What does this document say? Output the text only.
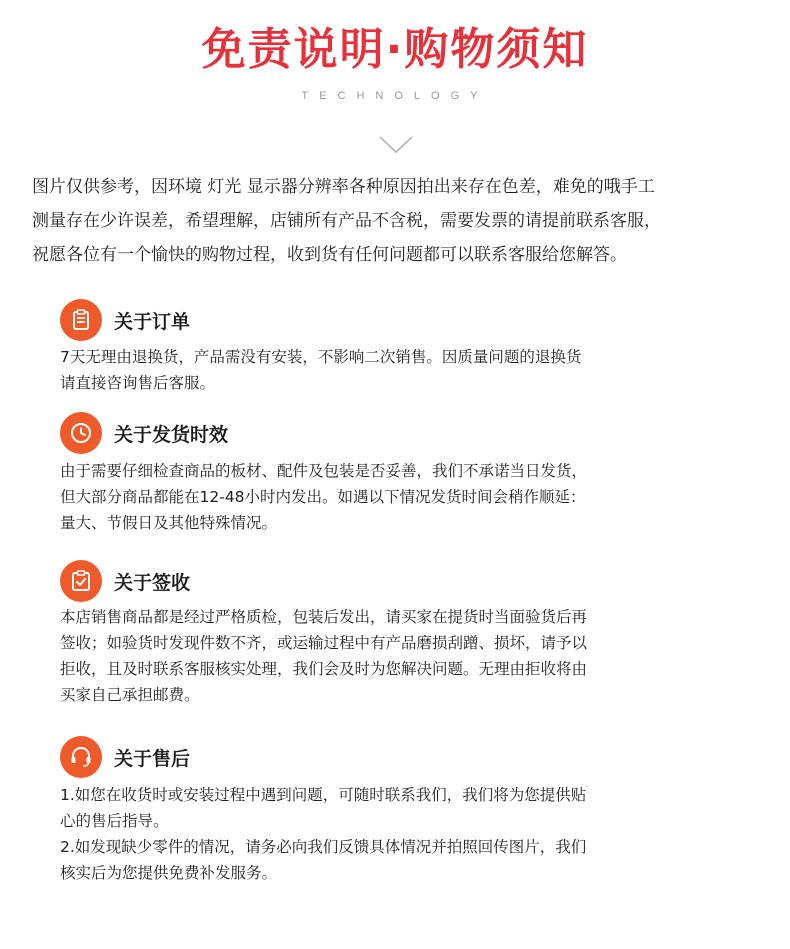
免责说明·购物须知
TECHNOLOGY
图片仅供参考，因环境 灯光 显示器分辨率各种原因拍出来存在色差，难免的哦手工
测量存在少许误差，希望理解，店铺所有产品不含税，需要发票的请提前联系客服，
祝愿各位有一个愉快的购物过程，收到货有任何问题都可以联系客服给您解答。
关于订单
7天无理由退换货，产品需没有安装，不影响二次销售。因质量问题的退换货
请直接咨询售后客服。
关于发货时效
由于需要仔细检查商品的板材、配件及包装是否妥善，我们不承诺当日发货，
但大部分商品都能在12-48小时内发出。如遇以下情况发货时间会稍作顺延：
量大、节假日及其他特殊情况。
关于签收
本店销售商品都是经过严格质检，包装后发出，请买家在提货时当面验货后再
签收；如验货时发现件数不齐，或运输过程中有产品磨损刮蹭、损坏，请予以
拒收，且及时联系客服核实处理，我们会及时为您解决问题。无理由拒收将由
买家自己承担邮费。
关于售后
1.如您在收货时或安装过程中遇到问题，可随时联系我们，我们将为您提供贴
心的售后指导。
2.如发现缺少零件的情况，请务必向我们反馈具体情况并拍照回传图片，我们
核实后为您提供免费补发服务。
